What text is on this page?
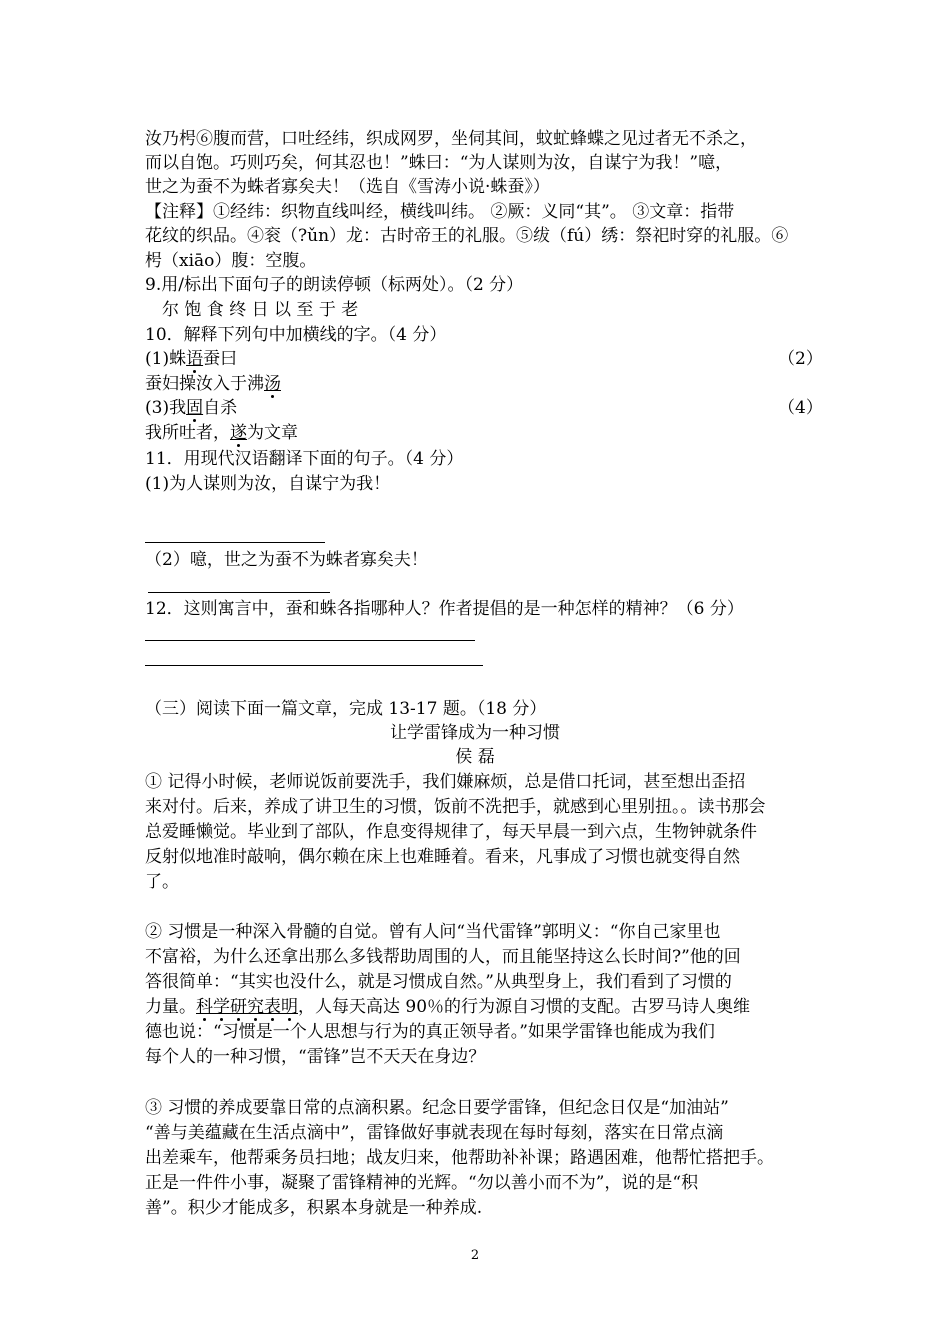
汝乃枵⑥腹而营，口吐经纬，织成网罗，坐伺其间，蚊虻蜂蝶之见过者无不杀之，
而以自饱。巧则巧矣，何其忍也！”蛛曰：“为人谋则为汝，自谋宁为我！”噫，
世之为蚕不为蛛者寡矣夫！（选自《雪涛小说·蛛蚕》）
【注释】①经纬：织物直线叫经，横线叫纬。 ②厥：义同“其”。 ③文章：指带
花纹的织品。④衮（?ǔn）龙：古时帝王的礼服。⑤绂（fú）绣：祭祀时穿的礼服。⑥
枵（xiāo）腹：空腹。
9.用/标出下面句子的朗读停顿（标两处）。（2 分）
尔 饱 食 终 日 以 至 于 老
10．解释下列句中加横线的字。（4 分）
(1)蛛语蚕曰	（2）
蚕妇操汝入于沸汤
(3)我固自杀	（4）
我所吐者，遂为文章
11．用现代汉语翻译下面的句子。（4 分）
(1)为人谋则为汝，自谋宁为我！
（2）噫，世之为蚕不为蛛者寡矣夫！
12．这则寓言中，蚕和蛛各指哪种人？作者提倡的是一种怎样的精神？（6 分）
（三）阅读下面一篇文章，完成 13-17 题。（18 分）
让学雷锋成为一种习惯
侯 磊
① 记得小时候，老师说饭前要洗手，我们嫌麻烦，总是借口托词，甚至想出歪招
来对付。后来，养成了讲卫生的习惯，饭前不洗把手，就感到心里别扭。。读书那会
总爱睡懒觉。毕业到了部队，作息变得规律了，每天早晨一到六点，生物钟就条件
反射似地准时敲响，偶尔赖在床上也难睡着。看来，凡事成了习惯也就变得自然
了。
② 习惯是一种深入骨髓的自觉。曾有人问“当代雷锋”郭明义：“你自己家里也
不富裕，为什么还拿出那么多钱帮助周围的人，而且能坚持这么长时间?”他的回
答很简单：“其实也没什么，就是习惯成自然。”从典型身上，我们看到了习惯的
力量。科学研究表明，人每天高达 90％的行为源自习惯的支配。古罗马诗人奥维
德也说：“习惯是一个人思想与行为的真正领导者。”如果学雷锋也能成为我们
每个人的一种习惯，“雷锋”岂不天天在身边？
③ 习惯的养成要靠日常的点滴积累。纪念日要学雷锋，但纪念日仅是“加油站”
“善与美蕴藏在生活点滴中”，雷锋做好事就表现在每时每刻，落实在日常点滴
出差乘车，他帮乘务员扫地；战友归来，他帮助补补课；路遇困难，他帮忙搭把手。
正是一件件小事，凝聚了雷锋精神的光辉。“勿以善小而不为”，说的是“积
善”。积少才能成多，积累本身就是一种养成.
2
